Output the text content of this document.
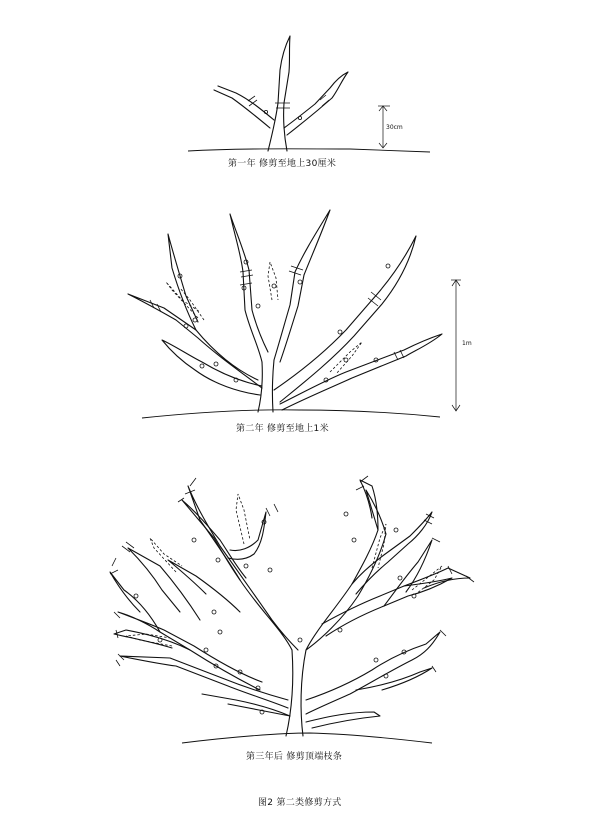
30cm
1m
第一年 修剪至地上30厘米
第二年 修剪至地上1米
第三年后 修剪顶端枝条
图2 第二类修剪方式
